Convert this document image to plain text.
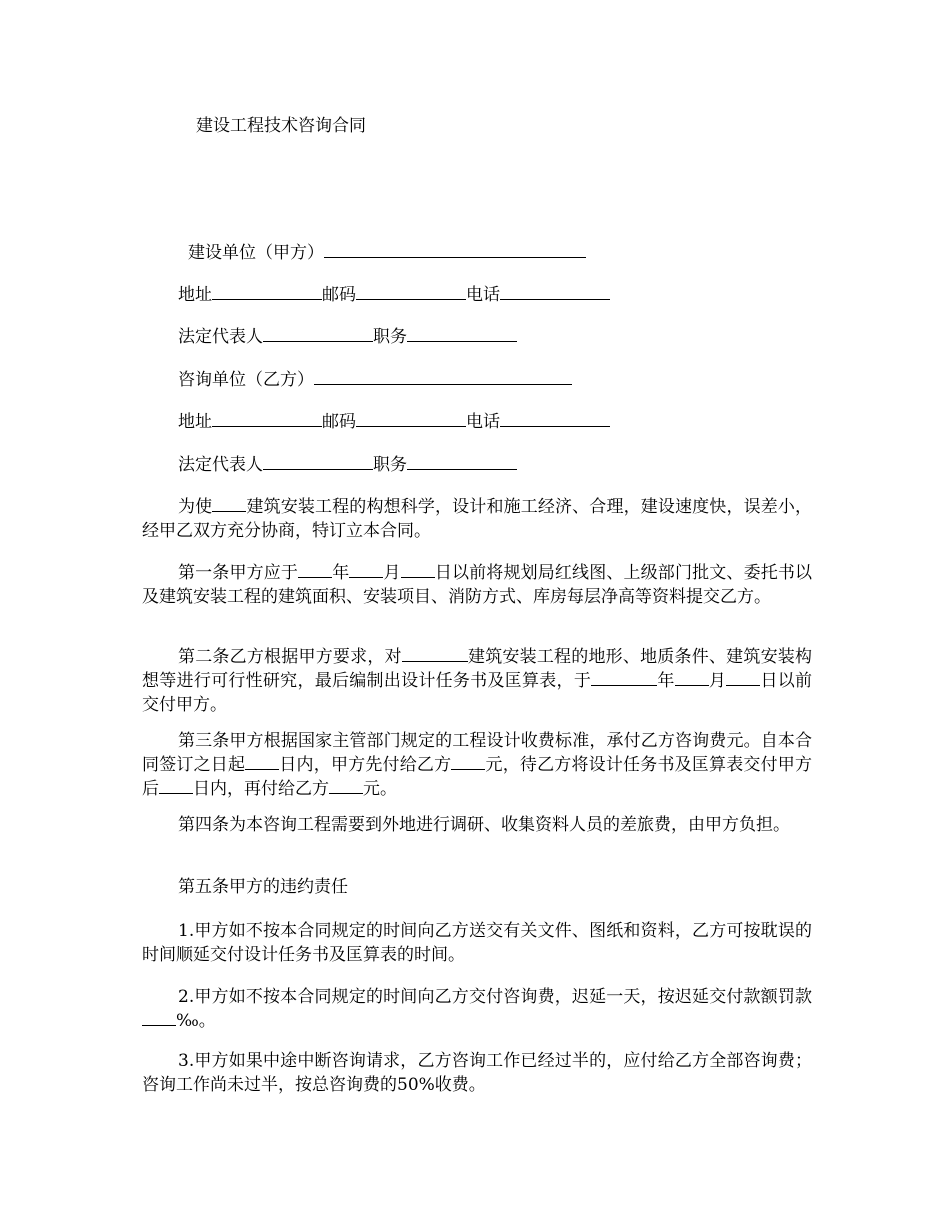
建设工程技术咨询合同
建设单位（甲方）
地址	邮码	电话
法定代表人	职务
咨询单位（乙方）
地址	邮码	电话
法定代表人	职务

为使 建筑安装工程的构想科学，设计和施工经济、合理，建设速度快，误差小，经甲乙双方充分协商，特订立本合同。

第一条甲方应于 年 月 日以前将规划局红线图、上级部门批文、委托书以及建筑安装工程的建筑面积、安装项目、消防方式、库房每层净高等资料提交乙方。

第二条乙方根据甲方要求，对	建筑安装工程的地形、地质条件、建筑安装构想等进行可行性研究，最后编制出设计任务书及匡算表，于	年 月 日以前交付甲方。

第三条甲方根据国家主管部门规定的工程设计收费标准，承付乙方咨询费元。自本合同签订之日起 日内，甲方先付给乙方 元，待乙方将设计任务书及匡算表交付甲方后 日内，再付给乙方 元。

第四条为本咨询工程需要到外地进行调研、收集资料人员的差旅费，由甲方负担。

第五条甲方的违约责任

1.甲方如不按本合同规定的时间向乙方送交有关文件、图纸和资料，乙方可按耽误的时间顺延交付设计任务书及匡算表的时间。

2.甲方如不按本合同规定的时间向乙方交付咨询费，迟延一天，按迟延交付款额罚款‰。

3.甲方如果中途中断咨询请求，乙方咨询工作已经过半的，应付给乙方全部咨询费；咨询工作尚未过半，按总咨询费的50%收费。
